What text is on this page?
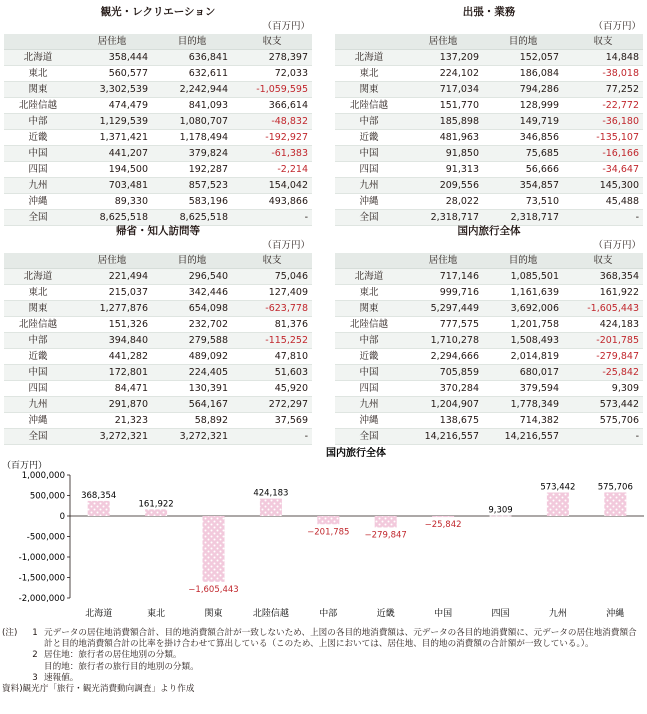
観光・レクリエーション
（百万円）
	居住地	目的地	収支
北海道	358,444	636,841	278,397
東北	560,577	632,611	72,033
関東	3,302,539	2,242,944	-1,059,595
北陸信越	474,479	841,093	366,614
中部	1,129,539	1,080,707	-48,832
近畿	1,371,421	1,178,494	-192,927
中国	441,207	379,824	-61,383
四国	194,500	192,287	-2,214
九州	703,481	857,523	154,042
沖縄	89,330	583,196	493,866
全国	8,625,518	8,625,518	-
出張・業務
（百万円）
	居住地	目的地	収支
北海道	137,209	152,057	14,848
東北	224,102	186,084	-38,018
関東	717,034	794,286	77,252
北陸信越	151,770	128,999	-22,772
中部	185,898	149,719	-36,180
近畿	481,963	346,856	-135,107
中国	91,850	75,685	-16,166
四国	91,313	56,666	-34,647
九州	209,556	354,857	145,300
沖縄	28,022	73,510	45,488
全国	2,318,717	2,318,717	-
帰省・知人訪問等
（百万円）
	居住地	目的地	収支
北海道	221,494	296,540	75,046
東北	215,037	342,446	127,409
関東	1,277,876	654,098	-623,778
北陸信越	151,326	232,702	81,376
中部	394,840	279,588	-115,252
近畿	441,282	489,092	47,810
中国	172,801	224,405	51,603
四国	84,471	130,391	45,920
九州	291,870	564,167	272,297
沖縄	21,323	58,892	37,569
全国	3,272,321	3,272,321	-
国内旅行全体
（百万円）
	居住地	目的地	収支
北海道	717,146	1,085,501	368,354
東北	999,716	1,161,639	161,922
関東	5,297,449	3,692,006	-1,605,443
北陸信越	777,575	1,201,758	424,183
中部	1,710,278	1,508,493	-201,785
近畿	2,294,666	2,014,819	-279,847
中国	705,859	680,017	-25,842
四国	370,284	379,594	9,309
九州	1,204,907	1,778,349	573,442
沖縄	138,675	714,382	575,706
全国	14,216,557	14,216,557	-
国内旅行全体
（百万円）
1,000,000
500,000
0
-500,000
-1,000,000
-1,500,000
-2,000,000
368,354
北海道
161,922
東北
−1,605,443
関東
424,183
北陸信越
−201,785
中部
−279,847
近畿
−25,842
中国
9,309
四国
573,442
九州
575,706
沖縄
(注)	1 元データの居住地消費額合計、目的地消費額合計が一致しないため、上図の各目的地消費額は、元データの各目的地消費額に、元データの居住地消費額合計と目的地消費額合計の比率を掛け合わせて算出している（このため、上図においては、居住地、目的地の消費額の合計額が一致している。）。
2 居住地：旅行者の居住地別の分類。
目的地：旅行者の旅行目的地別の分類。
3 速報値。
資料) 観光庁「旅行・観光消費動向調査」より作成
